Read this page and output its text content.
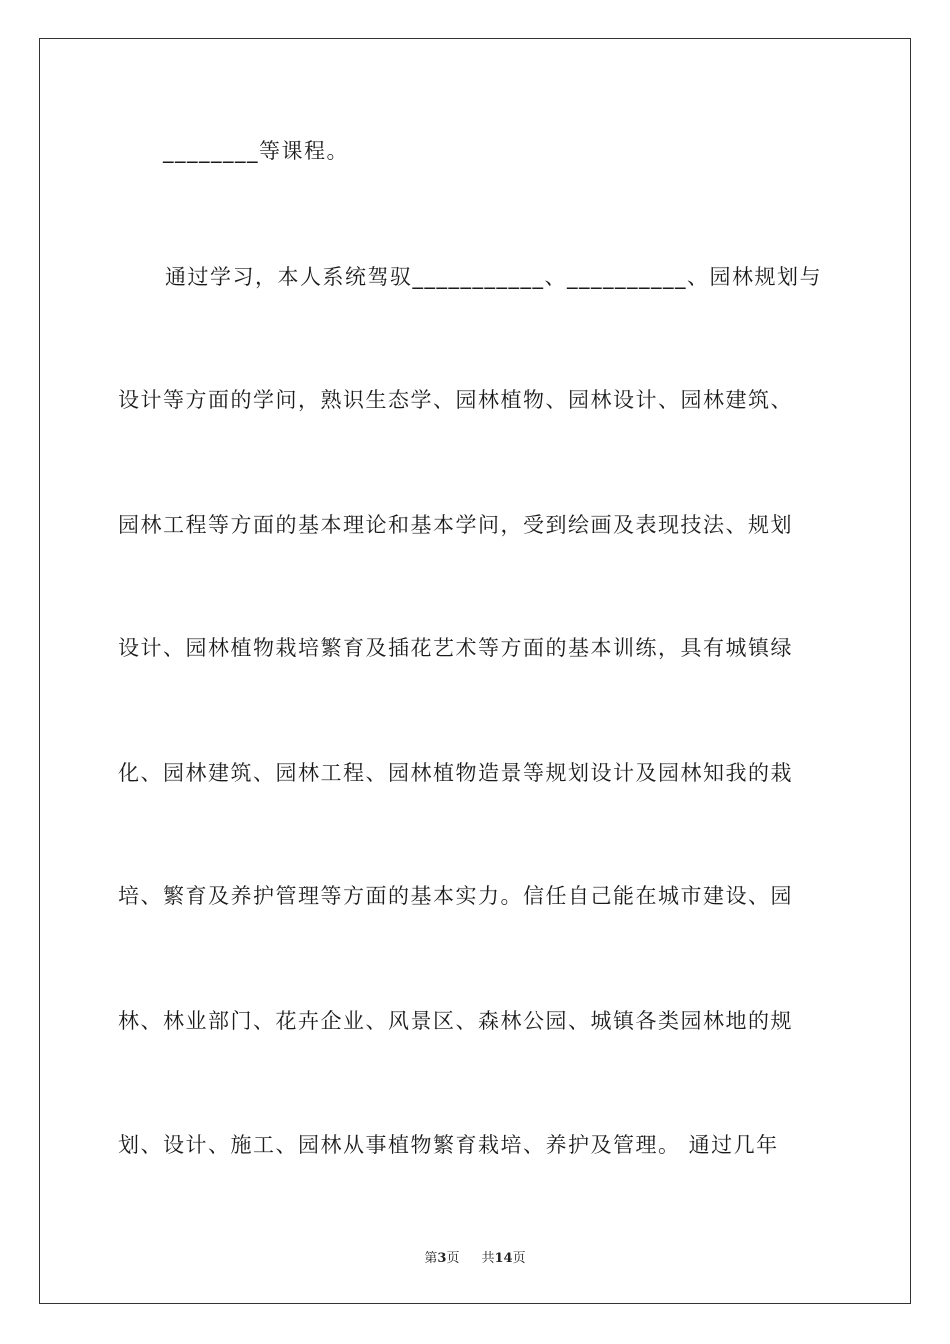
________等课程。
通过学习，本人系统驾驭___________、__________、园林规划与
设计等方面的学问，熟识生态学、园林植物、园林设计、园林建筑、
园林工程等方面的基本理论和基本学问，受到绘画及表现技法、规划
设计、园林植物栽培繁育及插花艺术等方面的基本训练，具有城镇绿
化、园林建筑、园林工程、园林植物造景等规划设计及园林知我的栽
培、繁育及养护管理等方面的基本实力。信任自己能在城市建设、园
林、林业部门、花卉企业、风景区、森林公园、城镇各类园林地的规
划、设计、施工、园林从事植物繁育栽培、养护及管理。 通过几年
第3页 共14页
